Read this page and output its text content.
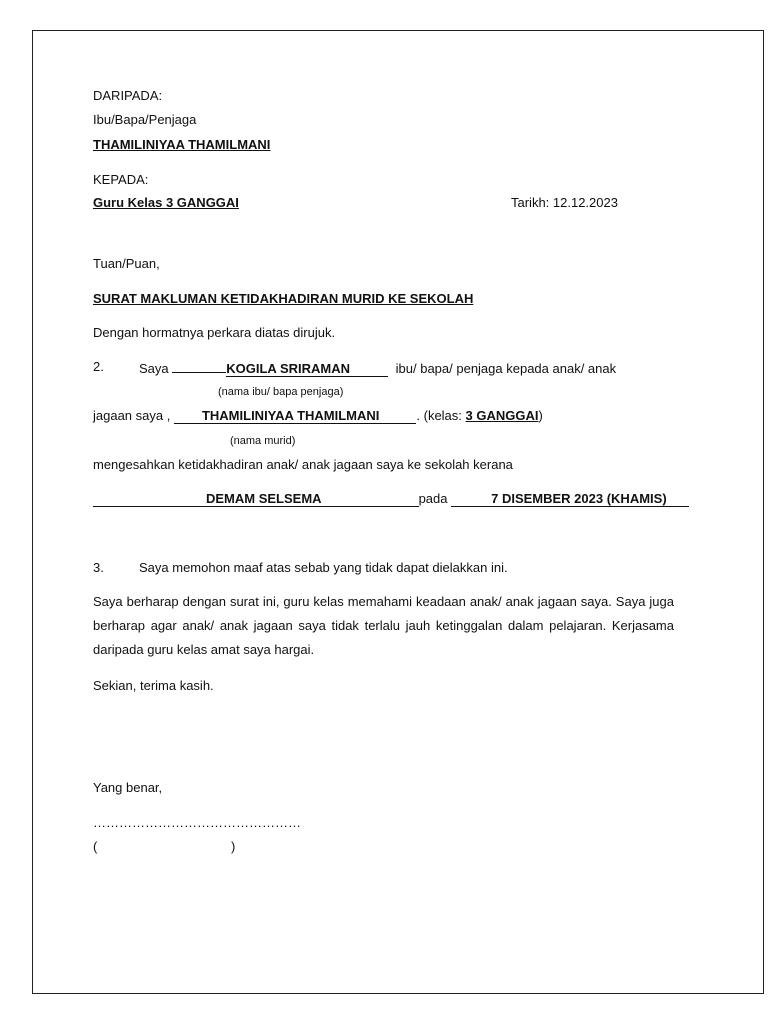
DARIPADA:
Ibu/Bapa/Penjaga
THAMILINIYAA THAMILMANI
KEPADA:
Guru Kelas 3 GANGGAI	Tarikh: 12.12.2023
Tuan/Puan,
SURAT MAKLUMAN KETIDAKHADIRAN MURID KE SEKOLAH
Dengan hormatnya perkara diatas dirujuk.
2.	Saya	KOGILA SRIRAMAN	ibu/ bapa/ penjaga kepada anak/ anak
(nama ibu/ bapa penjaga)
jagaan saya , THAMILINIYAA THAMILMANI	. (kelas: 3 GANGGAI)
(nama murid)
mengesahkan ketidakhadiran anak/ anak jagaan saya ke sekolah kerana
DEMAM SELSEMA	pada	7 DISEMBER 2023 (KHAMIS)
3.	Saya memohon maaf atas sebab yang tidak dapat dielakkan ini.
Saya berharap dengan surat ini, guru kelas memahami keadaan anak/ anak jagaan saya. Saya juga berharap agar anak/ anak jagaan saya tidak terlalu jauh ketinggalan dalam pelajaran. Kerjasama daripada guru kelas amat saya hargai.
Sekian, terima kasih.
Yang benar,
…………………………………………
(	)
